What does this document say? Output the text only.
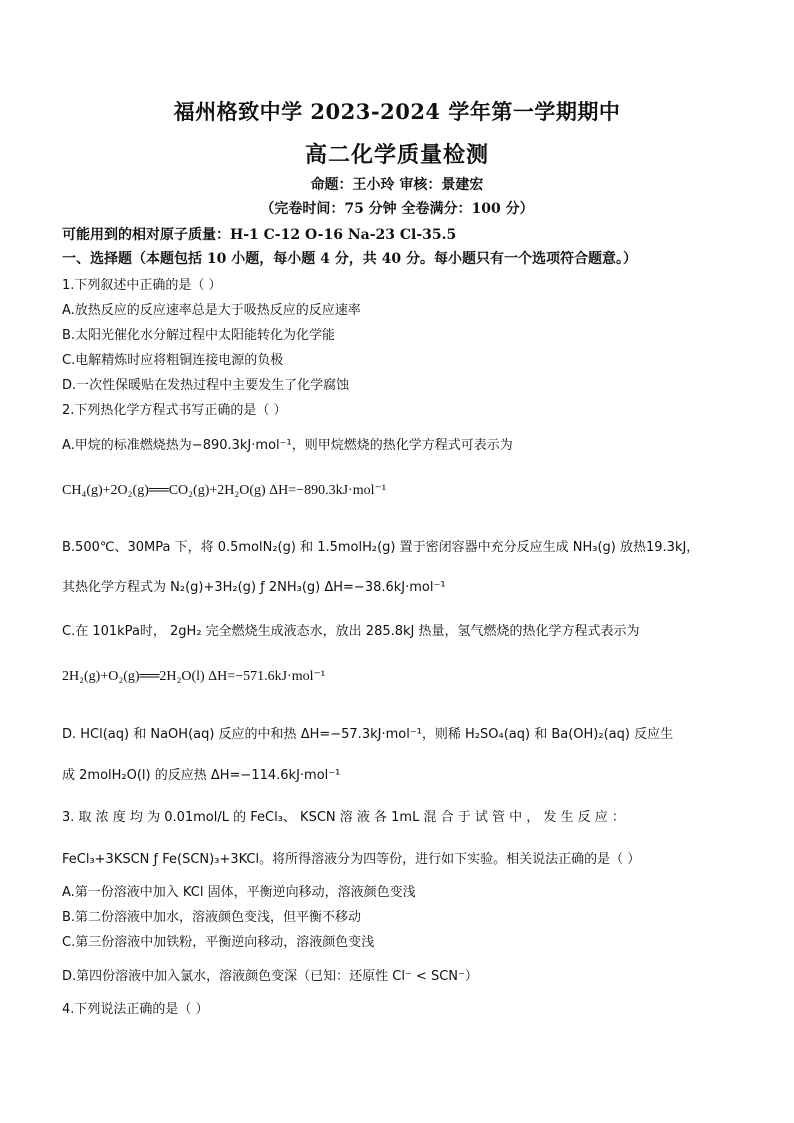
福州格致中学 2023-2024 学年第一学期期中
高二化学质量检测
命题：王小玲 审核：景建宏
（完卷时间：75 分钟 全卷满分：100 分）
可能用到的相对原子质量：H-1 C-12 O-16 Na-23 Cl-35.5
一、选择题（本题包括 10 小题，每小题 4 分，共 40 分。每小题只有一个选项符合题意。）
1.下列叙述中正确的是（ ）
A.放热反应的反应速率总是大于吸热反应的反应速率
B.太阳光催化水分解过程中太阳能转化为化学能
C.电解精炼时应将粗铜连接电源的负极
D.一次性保暖贴在发热过程中主要发生了化学腐蚀
2.下列热化学方程式书写正确的是（ ）
A.甲烷的标准燃烧热为−890.3kJ·mol⁻¹，则甲烷燃烧的热化学方程式可表示为
CH₄(g)+2O₂(g)══CO₂(g)+2H₂O(g) ΔH=−890.3kJ·mol⁻¹
B.500℃、30MPa 下，将 0.5molN₂(g) 和 1.5molH₂(g) 置于密闭容器中充分反应生成 NH₃(g) 放热19.3kJ，
其热化学方程式为 N₂(g)+3H₂(g) ƒ 2NH₃(g) ΔH=−38.6kJ·mol⁻¹
C.在 101kPa时， 2gH₂ 完全燃烧生成液态水，放出 285.8kJ 热量，氢气燃烧的热化学方程式表示为
2H₂(g)+O₂(g)══2H₂O(l) ΔH=−571.6kJ·mol⁻¹
D. HCl(aq) 和 NaOH(aq) 反应的中和热 ΔH=−57.3kJ·mol⁻¹，则稀 H₂SO₄(aq) 和 Ba(OH)₂(aq) 反应生
成 2molH₂O(l) 的反应热 ΔH=−114.6kJ·mol⁻¹
3. 取 浓 度 均 为 0.01mol/L 的 FeCl₃、 KSCN 溶 液 各 1mL 混 合 于 试 管 中 ， 发 生 反 应 ：
FeCl₃+3KSCN ƒ Fe(SCN)₃+3KCl。将所得溶液分为四等份，进行如下实验。相关说法正确的是（ ）
A.第一份溶液中加入 KCl 固体，平衡逆向移动，溶液颜色变浅
B.第二份溶液中加水，溶液颜色变浅，但平衡不移动
C.第三份溶液中加铁粉，平衡逆向移动，溶液颜色变浅
D.第四份溶液中加入氯水，溶液颜色变深（已知：还原性 Cl⁻ < SCN⁻）
4.下列说法正确的是（ ）
